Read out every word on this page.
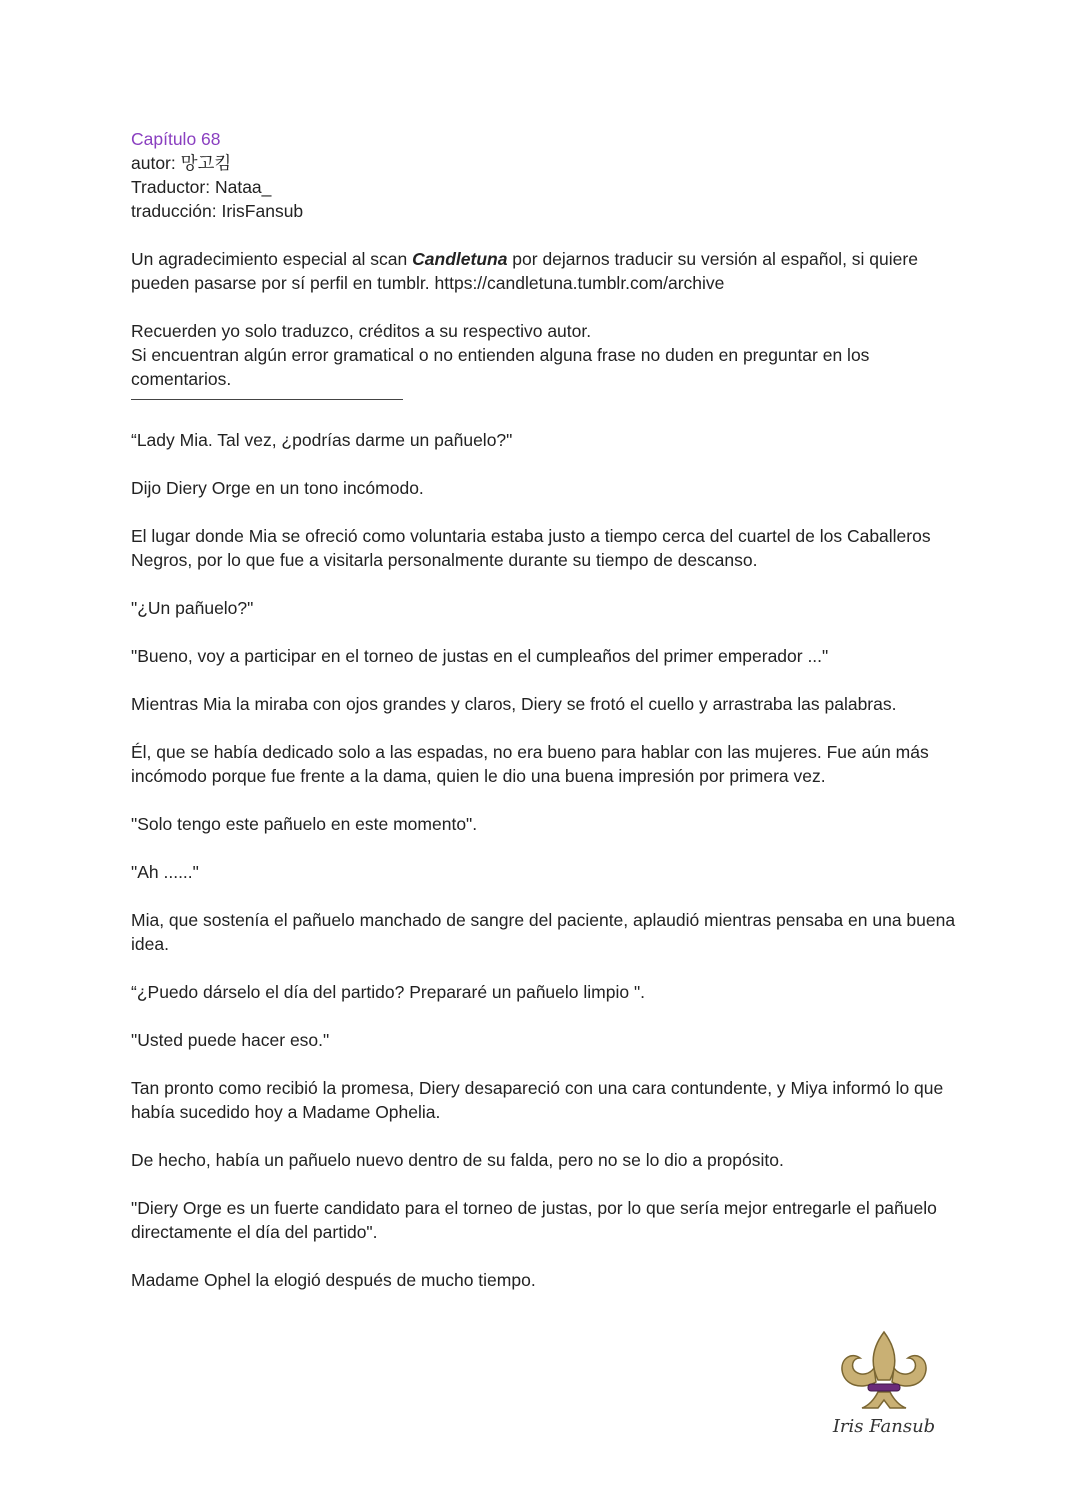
Capítulo 68
autor: 망고킴
Traductor: Nataa_
traducción: IrisFansub

Un agradecimiento especial al scan Candletuna por dejarnos traducir su versión al español, si quiere pueden pasarse por sí perfil en tumblr. https://candletuna.tumblr.com/archive

Recuerden yo solo traduzco, créditos a su respectivo autor.
Si encuentran algún error gramatical o no entienden alguna frase no duden en preguntar en los comentarios.

“Lady Mia. Tal vez, ¿podrías darme un pañuelo?"

Dijo Diery Orge en un tono incómodo.

El lugar donde Mia se ofreció como voluntaria estaba justo a tiempo cerca del cuartel de los Caballeros Negros, por lo que fue a visitarla personalmente durante su tiempo de descanso.

"¿Un pañuelo?"

"Bueno, voy a participar en el torneo de justas en el cumpleaños del primer emperador ..."

Mientras Mia la miraba con ojos grandes y claros, Diery se frotó el cuello y arrastraba las palabras.

Él, que se había dedicado solo a las espadas, no era bueno para hablar con las mujeres. Fue aún más incómodo porque fue frente a la dama, quien le dio una buena impresión por primera vez.

"Solo tengo este pañuelo en este momento".

"Ah ......"

Mia, que sostenía el pañuelo manchado de sangre del paciente, aplaudió mientras pensaba en una buena idea.

“¿Puedo dárselo el día del partido? Prepararé un pañuelo limpio ".

"Usted puede hacer eso."

Tan pronto como recibió la promesa, Diery desapareció con una cara contundente, y Miya informó lo que había sucedido hoy a Madame Ophelia.

De hecho, había un pañuelo nuevo dentro de su falda, pero no se lo dio a propósito.

"Diery Orge es un fuerte candidato para el torneo de justas, por lo que sería mejor entregarle el pañuelo directamente el día del partido".

Madame Ophel la elogió después de mucho tiempo.

Iris Fansub
